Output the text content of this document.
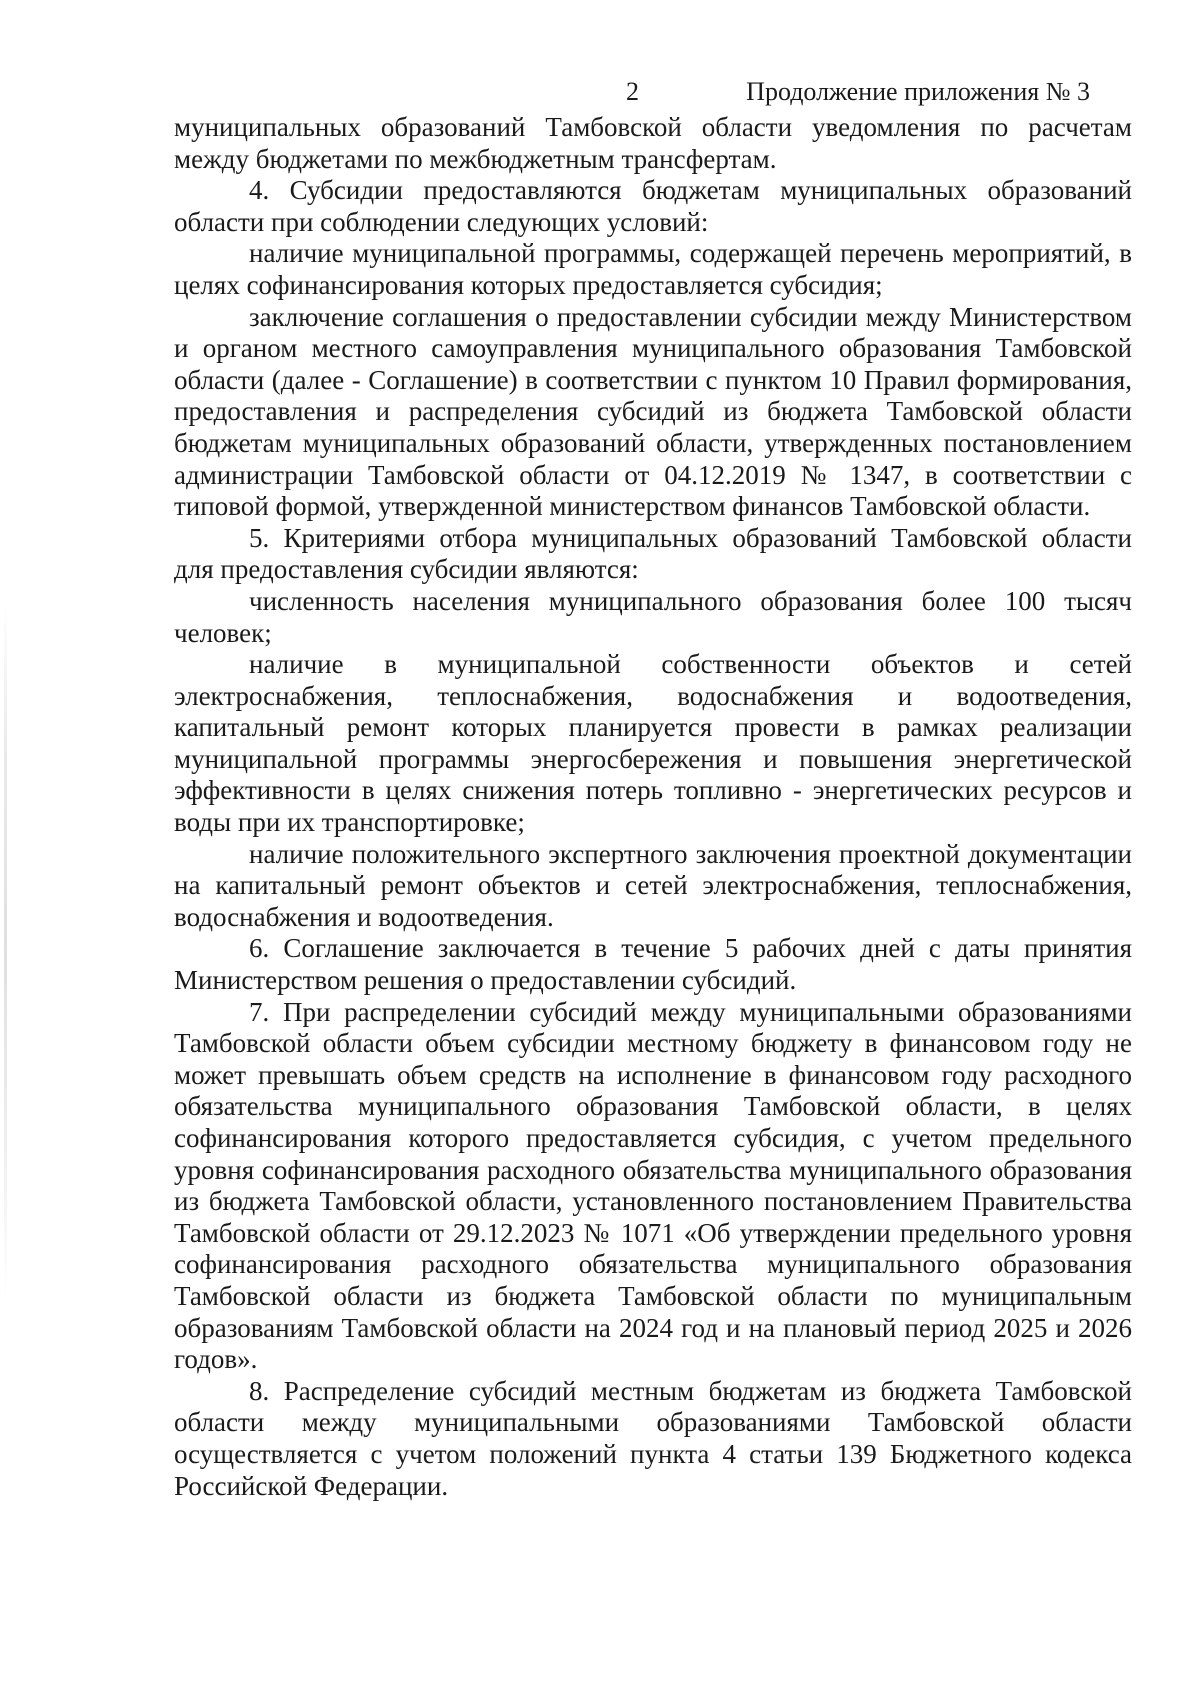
2	Продолжение приложения № 3

муниципальных образований Тамбовской области уведомления по расчетам между бюджетами по межбюджетным трансфертам.

4. Субсидии предоставляются бюджетам муниципальных образований области при соблюдении следующих условий:

наличие муниципальной программы, содержащей перечень мероприятий, в целях софинансирования которых предоставляется субсидия;

заключение соглашения о предоставлении субсидии между Министерством и органом местного самоуправления муниципального образования Тамбовской области (далее - Соглашение) в соответствии с пунктом 10 Правил формирования, предоставления и распределения субсидий из бюджета Тамбовской области бюджетам муниципальных образований области, утвержденных постановлением администрации Тамбовской области от 04.12.2019 № 1347, в соответствии с типовой формой, утвержденной министерством финансов Тамбовской области.

5. Критериями отбора муниципальных образований Тамбовской области для предоставления субсидии являются:

численность населения муниципального образования более 100 тысяч человек;

наличие в муниципальной собственности объектов и сетей электроснабжения, теплоснабжения, водоснабжения и водоотведения, капитальный ремонт которых планируется провести в рамках реализации муниципальной программы энергосбережения и повышения энергетической эффективности в целях снижения потерь топливно - энергетических ресурсов и воды при их транспортировке;

наличие положительного экспертного заключения проектной документации на капитальный ремонт объектов и сетей электроснабжения, теплоснабжения, водоснабжения и водоотведения.

6. Соглашение заключается в течение 5 рабочих дней с даты принятия Министерством решения о предоставлении субсидий.

7. При распределении субсидий между муниципальными образованиями Тамбовской области объем субсидии местному бюджету в финансовом году не может превышать объем средств на исполнение в финансовом году расходного обязательства муниципального образования Тамбовской области, в целях софинансирования которого предоставляется субсидия, с учетом предельного уровня софинансирования расходного обязательства муниципального образования из бюджета Тамбовской области, установленного постановлением Правительства Тамбовской области от 29.12.2023 № 1071 «Об утверждении предельного уровня софинансирования расходного обязательства муниципального образования Тамбовской области из бюджета Тамбовской области по муниципальным образованиям Тамбовской области на 2024 год и на плановый период 2025 и 2026 годов».

8. Распределение субсидий местным бюджетам из бюджета Тамбовской области между муниципальными образованиями Тамбовской области осуществляется с учетом положений пункта 4 статьи 139 Бюджетного кодекса Российской Федерации.
